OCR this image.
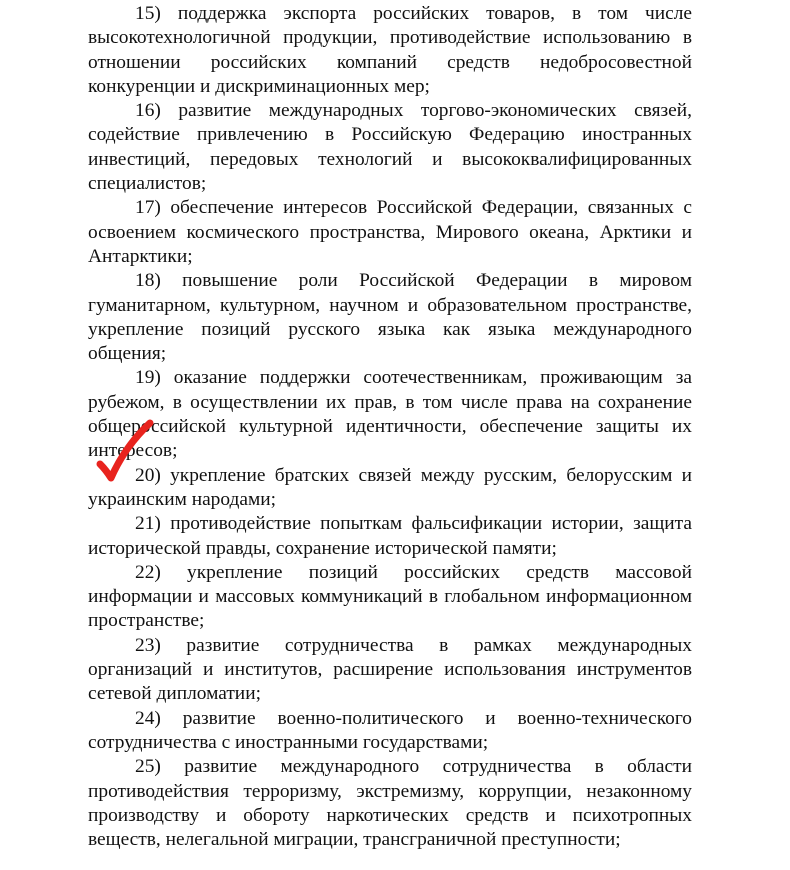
15) поддержка экспорта российских товаров, в том числе высокотехнологичной продукции, противодействие использованию в отношении российских компаний средств недобросовестной конкуренции и дискриминационных мер;

16) развитие международных торгово-экономических связей, содействие привлечению в Российскую Федерацию иностранных инвестиций, передовых технологий и высококвалифицированных специалистов;

17) обеспечение интересов Российской Федерации, связанных с освоением космического пространства, Мирового океана, Арктики и Антарктики;

18) повышение роли Российской Федерации в мировом гуманитарном, культурном, научном и образовательном пространстве, укрепление позиций русского языка как языка международного общения;

19) оказание поддержки соотечественникам, проживающим за рубежом, в осуществлении их прав, в том числе права на сохранение общероссийской культурной идентичности, обеспечение защиты их интересов;

20) укрепление братских связей между русским, белорусским и украинским народами;

21) противодействие попыткам фальсификации истории, защита исторической правды, сохранение исторической памяти;

22) укрепление позиций российских средств массовой информации и массовых коммуникаций в глобальном информационном пространстве;

23) развитие сотрудничества в рамках международных организаций и институтов, расширение использования инструментов сетевой дипломатии;

24) развитие военно-политического и военно-технического сотрудничества с иностранными государствами;

25) развитие международного сотрудничества в области противодействия терроризму, экстремизму, коррупции, незаконному производству и обороту наркотических средств и психотропных веществ, нелегальной миграции, трансграничной преступности;
